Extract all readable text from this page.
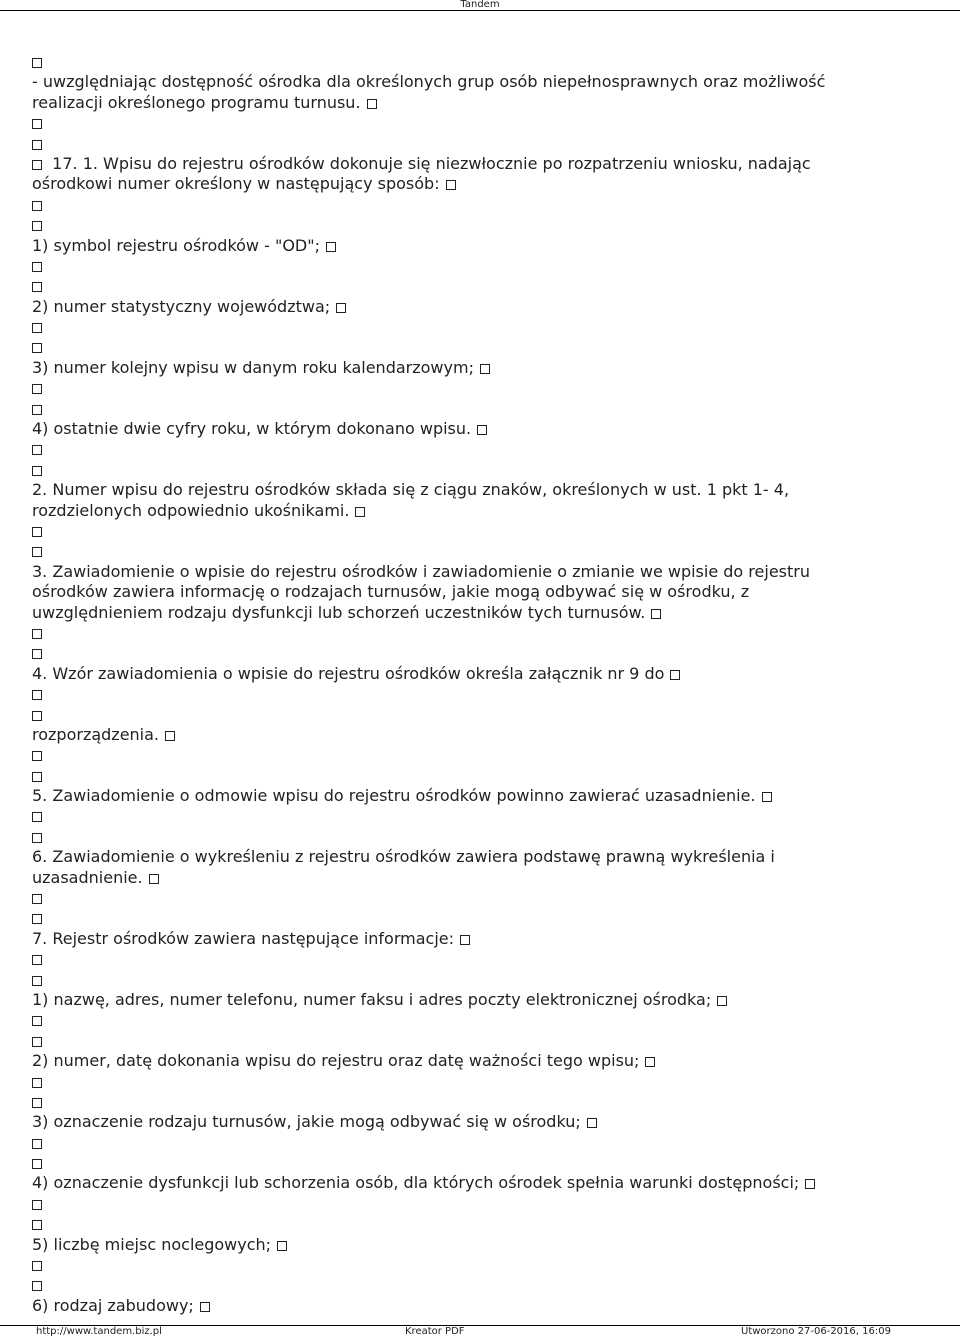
Tandem
- uwzględniając dostępność ośrodka dla określonych grup osób niepełnosprawnych oraz możliwość
realizacji określonego programu turnusu.
17. 1. Wpisu do rejestru ośrodków dokonuje się niezwłocznie po rozpatrzeniu wniosku, nadając
ośrodkowi numer określony w następujący sposób:
1) symbol rejestru ośrodków - "OD";
2) numer statystyczny województwa;
3) numer kolejny wpisu w danym roku kalendarzowym;
4) ostatnie dwie cyfry roku, w którym dokonano wpisu.
2. Numer wpisu do rejestru ośrodków składa się z ciągu znaków, określonych w ust. 1 pkt 1- 4,
rozdzielonych odpowiednio ukośnikami.
3. Zawiadomienie o wpisie do rejestru ośrodków i zawiadomienie o zmianie we wpisie do rejestru
ośrodków zawiera informację o rodzajach turnusów, jakie mogą odbywać się w ośrodku, z
uwzględnieniem rodzaju dysfunkcji lub schorzeń uczestników tych turnusów.
4. Wzór zawiadomienia o wpisie do rejestru ośrodków określa załącznik nr 9 do
rozporządzenia.
5. Zawiadomienie o odmowie wpisu do rejestru ośrodków powinno zawierać uzasadnienie.
6. Zawiadomienie o wykreśleniu z rejestru ośrodków zawiera podstawę prawną wykreślenia i
uzasadnienie.
7. Rejestr ośrodków zawiera następujące informacje:
1) nazwę, adres, numer telefonu, numer faksu i adres poczty elektronicznej ośrodka;
2) numer, datę dokonania wpisu do rejestru oraz datę ważności tego wpisu;
3) oznaczenie rodzaju turnusów, jakie mogą odbywać się w ośrodku;
4) oznaczenie dysfunkcji lub schorzenia osób, dla których ośrodek spełnia warunki dostępności;
5) liczbę miejsc noclegowych;
6) rodzaj zabudowy;
http://www.tandem.biz.pl	Kreator PDF	Utworzono 27-06-2016, 16:09
